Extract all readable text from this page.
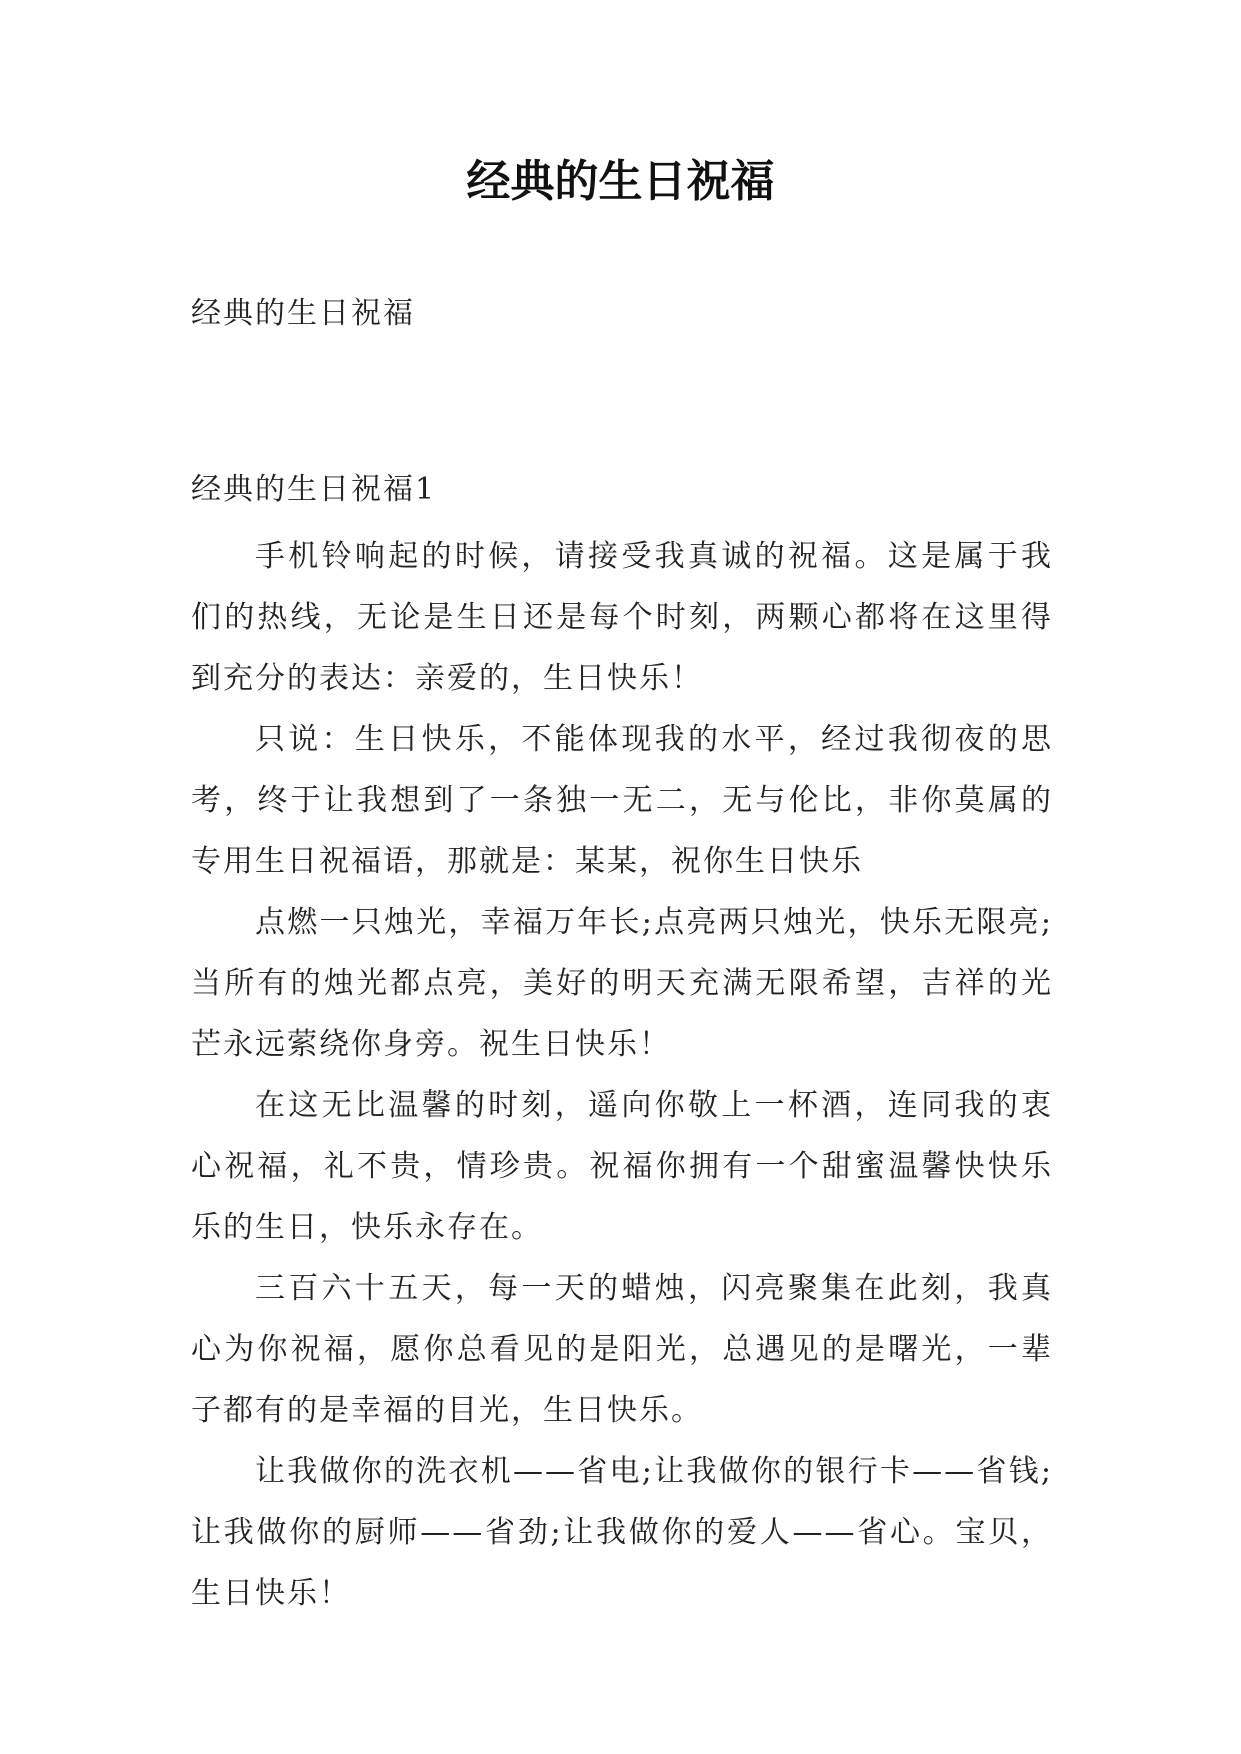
经典的生日祝福

经典的生日祝福

经典的生日祝福1

手机铃响起的时候，请接受我真诚的祝福。这是属于我们的热线，无论是生日还是每个时刻，两颗心都将在这里得到充分的表达：亲爱的，生日快乐！

只说：生日快乐，不能体现我的水平，经过我彻夜的思考，终于让我想到了一条独一无二，无与伦比，非你莫属的专用生日祝福语，那就是：某某，祝你生日快乐

点燃一只烛光，幸福万年长;点亮两只烛光，快乐无限亮;当所有的烛光都点亮，美好的明天充满无限希望，吉祥的光芒永远萦绕你身旁。祝生日快乐！

在这无比温馨的时刻，遥向你敬上一杯酒，连同我的衷心祝福，礼不贵，情珍贵。祝福你拥有一个甜蜜温馨快快乐乐的生日，快乐永存在。

三百六十五天，每一天的蜡烛，闪亮聚集在此刻，我真心为你祝福，愿你总看见的是阳光，总遇见的是曙光，一辈子都有的是幸福的目光，生日快乐。

让我做你的洗衣机——省电;让我做你的银行卡——省钱;让我做你的厨师——省劲;让我做你的爱人——省心。宝贝，生日快乐！
